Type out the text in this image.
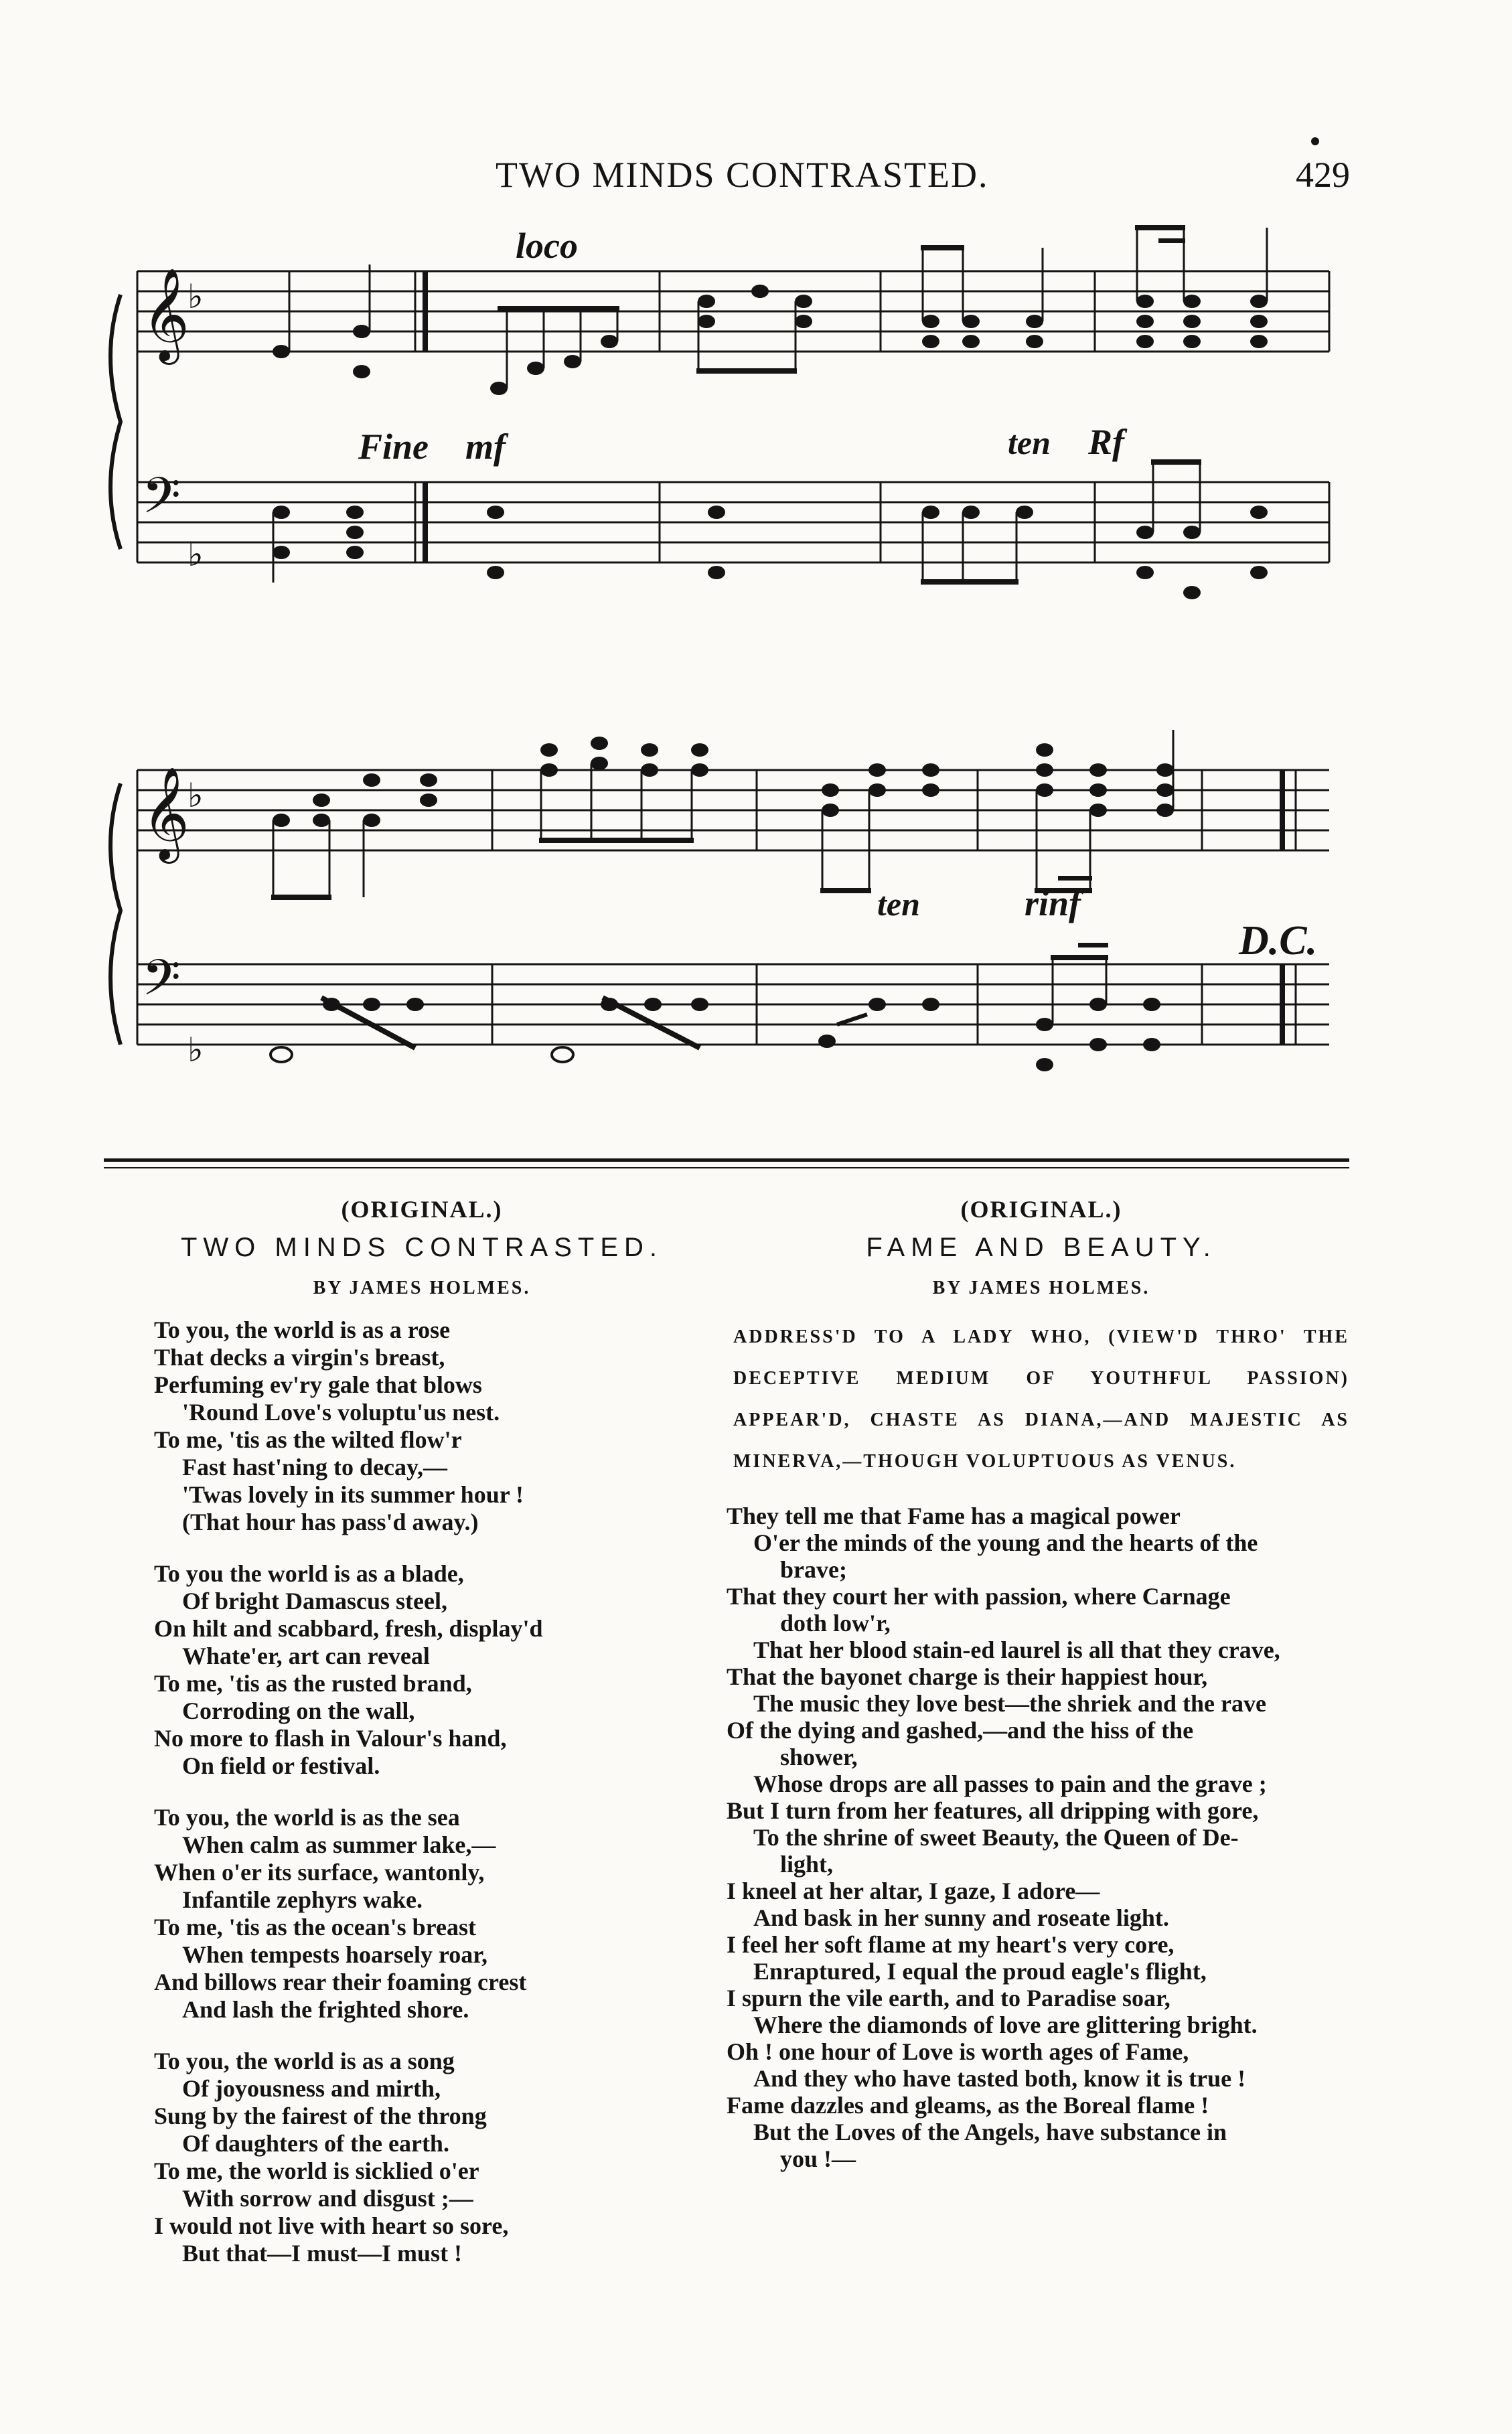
TWO MINDS CONTRASTED.	429
𝄞
♭
𝄢
♭
𝄞
♭
𝄢
♭
loco
Fine mf	ten Rf
ten	rinf
D.C.
(ORIGINAL.)
TWO MINDS CONTRASTED.
BY JAMES HOLMES.
To you, the world is as a rose
That decks a virgin's breast,
Perfuming ev'ry gale that blows
'Round Love's voluptu'us nest.
To me, 'tis as the wilted flow'r
Fast hast'ning to decay,—
'Twas lovely in its summer hour !
(That hour has pass'd away.)
To you the world is as a blade,
Of bright Damascus steel,
On hilt and scabbard, fresh, display'd
Whate'er, art can reveal
To me, 'tis as the rusted brand,
Corroding on the wall,
No more to flash in Valour's hand,
On field or festival.
To you, the world is as the sea
When calm as summer lake,—
When o'er its surface, wantonly,
Infantile zephyrs wake.
To me, 'tis as the ocean's breast
When tempests hoarsely roar,
And billows rear their foaming crest
And lash the frighted shore.
To you, the world is as a song
Of joyousness and mirth,
Sung by the fairest of the throng
Of daughters of the earth.
To me, the world is sicklied o'er
With sorrow and disgust ;—
I would not live with heart so sore,
But that—I must—I must !
(ORIGINAL.)
FAME AND BEAUTY.
BY JAMES HOLMES.
ADDRESS'D TO A LADY WHO, (VIEW'D THRO' THE DECEPTIVE MEDIUM OF YOUTHFUL PASSION) APPEAR'D, CHASTE AS DIANA,—AND MAJESTIC AS MINERVA,—THOUGH VOLUPTUOUS AS VENUS.
They tell me that Fame has a magical power
O'er the minds of the young and the hearts of the
brave;
That they court her with passion, where Carnage
doth low'r,
That her blood stain-ed laurel is all that they crave,
That the bayonet charge is their happiest hour,
The music they love best—the shriek and the rave
Of the dying and gashed,—and the hiss of the
shower,
Whose drops are all passes to pain and the grave ;
But I turn from her features, all dripping with gore,
To the shrine of sweet Beauty, the Queen of De-
light,
I kneel at her altar, I gaze, I adore—
And bask in her sunny and roseate light.
I feel her soft flame at my heart's very core,
Enraptured, I equal the proud eagle's flight,
I spurn the vile earth, and to Paradise soar,
Where the diamonds of love are glittering bright.
Oh ! one hour of Love is worth ages of Fame,
And they who have tasted both, know it is true !
Fame dazzles and gleams, as the Boreal flame !
But the Loves of the Angels, have substance in
you !—
